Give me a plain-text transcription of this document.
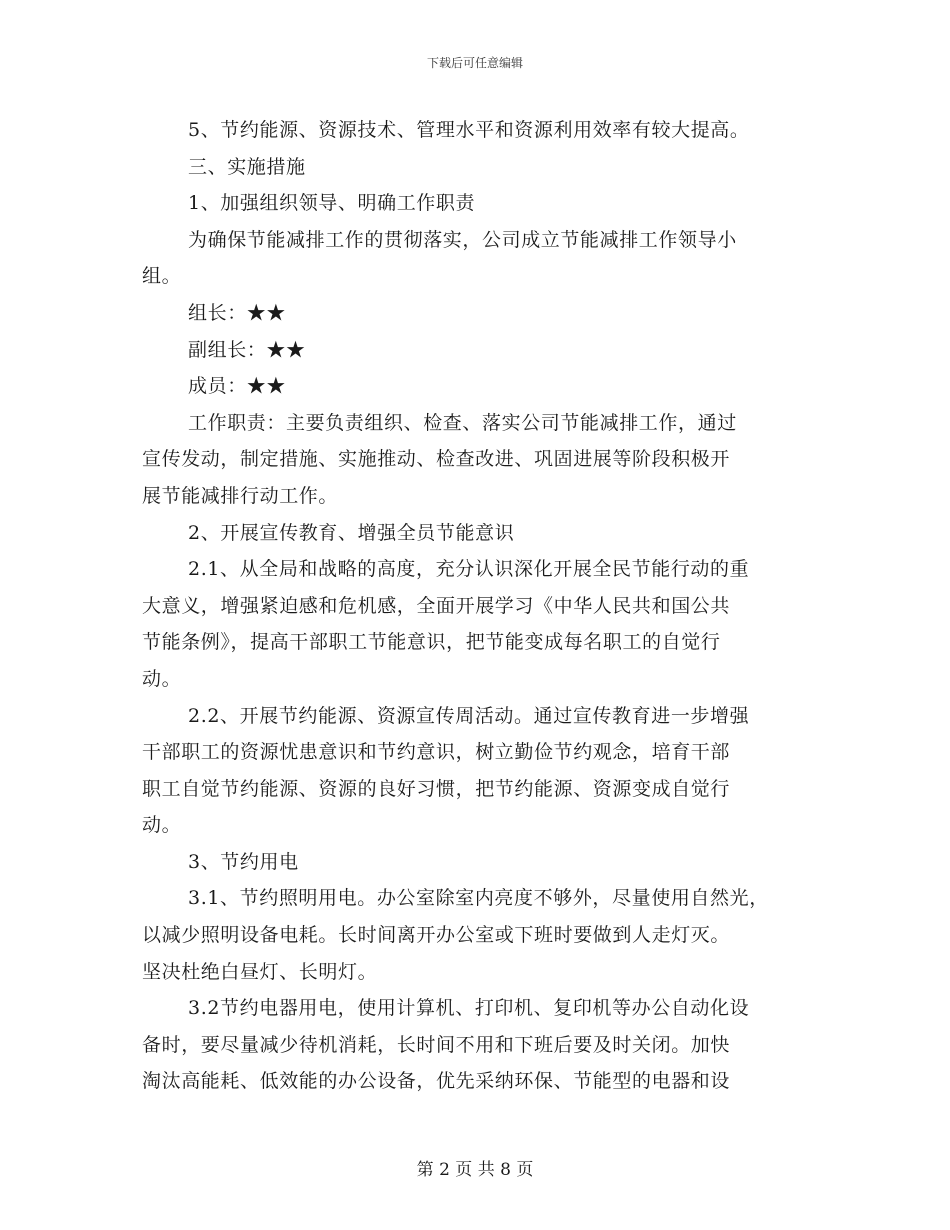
下载后可任意编辑
5、节约能源、资源技术、管理水平和资源利用效率有较大提高。
三、实施措施
1、加强组织领导、明确工作职责
为确保节能减排工作的贯彻落实，公司成立节能减排工作领导小
组。
组长：★★
副组长：★★
成员：★★
工作职责：主要负责组织、检查、落实公司节能减排工作，通过
宣传发动，制定措施、实施推动、检查改进、巩固进展等阶段积极开
展节能减排行动工作。
2、开展宣传教育、增强全员节能意识
2.1、从全局和战略的高度，充分认识深化开展全民节能行动的重
大意义，增强紧迫感和危机感，全面开展学习《中华人民共和国公共
节能条例》，提高干部职工节能意识，把节能变成每名职工的自觉行
动。
2.2、开展节约能源、资源宣传周活动。通过宣传教育进一步增强
干部职工的资源忧患意识和节约意识，树立勤俭节约观念，培育干部
职工自觉节约能源、资源的良好习惯，把节约能源、资源变成自觉行
动。
3、节约用电
3.1、节约照明用电。办公室除室内亮度不够外，尽量使用自然光，
以减少照明设备电耗。长时间离开办公室或下班时要做到人走灯灭。
坚决杜绝白昼灯、长明灯。
3.2节约电器用电，使用计算机、打印机、复印机等办公自动化设
备时，要尽量减少待机消耗，长时间不用和下班后要及时关闭。加快
淘汰高能耗、低效能的办公设备，优先采纳环保、节能型的电器和设
第 2 页 共 8 页
